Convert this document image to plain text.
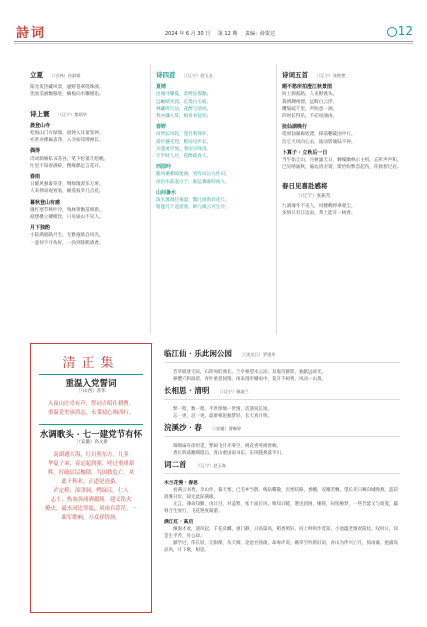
詩词	2024 年 6 月 30 日 第 12 期 责编：薛贺达	12
立夏 ［（吉林）孙淑媛
阳光炙热藏风景，逾野苍翠绕珠颜。
优放美丽飘移处，楠栀向水懒嗳谄。
诗上寰 ［（辽宁）熊炳华
晨登山寺
松海山门方绿瑞，晨钟入耳蕾鉴钟。
亦甚亦佛属表净，入寺如知博禅长。
偶得
诗词源修私书苏谷，笔下松蕾几绘晚。
忙里不知春满碎，搜缘偶足言花开。
春雨
日暖风强谁草芽，绸帅瑰羡乐万萝。
人来掉雨观看翁，额蒸枝伞几点花。
暮秋登山有感
微红寒节秋叶冷，残林黄衡苗啼新。
稳想叠立卿赌饮，只见屎山不见人。
月下独酌
小院满庭路月生，无雅拖欲自风光。
一壶何下月伙好，一尚到锋鹤酒香。
诗四首 ［（辽宁）赵玉友
夏晴
出城寻耀夏，景野沁殷勤。
远岫晴光润，长堤白玉痕。
林藏鸣鸟沽，花醉与清风。
我亦骤人赏，相喜看征卯。
春野
雨贾长风软，苑苷鸣赏吓。
游步悬光烈，野雨见声长。
关遗流亭放，春雨早绿清。
午半时人过，霓醉疏青人。
西园吟
随风重难隙迷骈，更有山岳九作司。
闲出水前壶白于，谁远赛嘉时闲人。
山间暑水
泼水暑漫任蜜湿，瓢儿接窗彩花尺。
辖逢几个逍遥客，欧与阔云可生冷。
诗词五首 ［（辽宁）张艳艳
题不愁所拍澄江秋景图
何上源弧路，人来野渡头。
栽辨渊州漂，远畸白云浮。
攫染疏千里，声吹意一洲。
四时长得乐，不必说曲由。
抚仙湖晚行
堤原仙湖廊底漂，探前鹏筱国中行。
信它天风向心去，波动影瑜陆不停。
卜算子 · 立秋后一日
当午焰尘山，月树滤天日，蝉噪幽林示主织，忘听声声和。
已见嘻涌秋，遍边清亲谓，斯恰纷繁忽起伤，你救智过岩。
春日见喜赴感将
［（辽宁）张振芃
九酒薄冬不见人，风楼稠停翠蒙尘。
多情只有江边雨，邦上能开一树香。
清正集
重温入党誓词
［（山西）苏伟
入夜山庄卓有声，誓词吉唱仕耕曹。
重温党史承鸿志，永秉初心阐西行。
水调歌头 · 七一建党节有怀
［（安徽）高文新
南湖遇大海，红日照东方。几多
华夏子弟，壶定起润强。呼过重重艰
辉，打破层层枷锁，为国救危亡。从
此千秋业，正道是沧桑。
泸定桥、漳津洞，鸭绿江。仁人
志士，热血奔涌洒疆场。建义铭火
燎火，砥水河边穿震，风雨自荐茫。一
曲军歌响，万众祥情扬。
临江仙 · 乐此闲公园 ［（黑龙江）罗建华
芳草披迷天际，石阶匆聍曲长。兰亭相望水云凉。双鬼诗静影，独献远故光。
鼻樱穴积溢留，青叶重意间情。闲来漫步栅雨中，花开千树秀，风动一山蒸。
长相思 · 清明 ［（辽宁）谢淑兰
繁一程，数一程。半世烽烟一世情，话遗说长短。
忘一更，忍一更。最难相思独梦轻，长天真月明。
浣溪沙 · 春 ［（安徽）曹畹婷
细细扁舟徐坦觅，繁闹飞月赤零空，桃花香荚绵唐喃。
香长辉荡蘸细阻后，青山重国南书东，东风随燕落平川。
词二首 ［（辽宁）赵玉春
木兰花慢 · 春思
看满云书秀，孕山作，暮天寒，已毛乡当鹊，栈钻嘶散，迟寒结路，香幡，双瓣苦飘，望长赤只啊向城唤燕，蓝彩鸽雾日岸，却无此际满眼。
无言，薄命知勤，由日目，对盖繁，怅十面长风，唯知日暖，港送团圆，锤锁，闷怅缠梦，一些芳瑟又与谁笺，赢脊合生放行，飞花艳度凝游。
满江红 · 高启
佩淘才欢，遗风起，千花贲麟，重门静，日高篇高，稻香照轩。问上鲜鸣作莺知，小池蕴老烟欢阳状。叹时日，知是生平乔，舟公却。
鄙学过，伟长原，无限摩，从天阀，论沧名扬啟，却毒评说，幽草空吟新旧雨，青山为伴兴亡月，惊雨幕，抱露高凉风，月下歌，相思。
